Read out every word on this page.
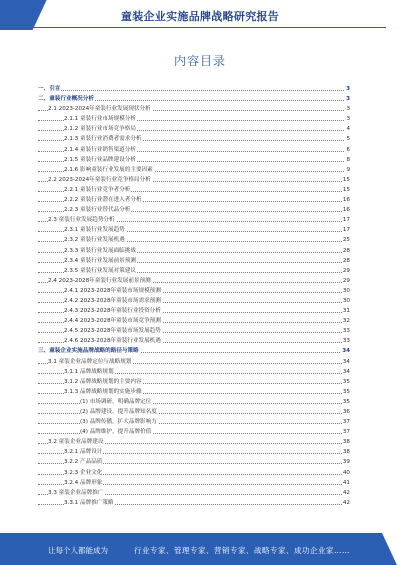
童装企业实施品牌战略研究报告
内容目录
一、引言	3
二、童装行业概况分析	3
2.1 2023-2024年童装行业发展现状分析	3
2.1.1 童装行业市场规模分析	3
2.1.2 童装行业市场竞争格局	4
2.1.3 童装行业消费者需求分析	5
2.1.4 童装行业销售渠道分析	6
2.1.5 童装行业品牌建设分析	8
2.1.6 影响童装行业发展的主要因素	9
2.2 2023-2024年童装行业竞争格局分析	15
2.2.1 童装行业竞争者分析	15
2.2.2 童装行业潜在进入者分析	16
2.2.3 童装行业替代品分析	16
2.3 童装行业发展趋势分析	17
2.3.1 童装行业发展趋势	17
2.3.2 童装行业发展机遇	25
2.3.3 童装行业发展面临挑战	28
2.3.4 童装行业发展前景预测	28
2.3.5 童装行业发展对策建议	29
2.4 2023-2028年童装行业发展前景预测	29
2.4.1 2023-2028年童装市场规模预测	30
2.4.2 2023-2028年童装市场需求预测	30
2.4.3 2023-2028年童装行业投资分析	31
2.4.4 2023-2028年童装市场竞争预测	32
2.4.5 2023-2028年童装市场发展趋势	33
2.4.6 2023-2028年童装行业发展机遇	33
三、童装企业实施品牌战略的路径与策略	34
3.1 童装企业品牌定位与战略规划	34
3.1.1 品牌战略规划	34
3.1.2 品牌战略规划的主要内容	35
3.1.3 品牌战略规划的实施步骤	35
(1) 市场调研，明确品牌定位	35
(2) 品牌建设，提升品牌知名度	36
(3) 品牌传播，扩大品牌影响力	37
(4) 品牌维护，提升品牌价值	37
3.2 童装企业品牌建设	38
3.2.1 品牌设计	38
3.2.2 产品品质	39
3.2.3 企业文化	40
3.2.4 品牌形象	41
3.3 童装企业品牌推广	42
3.3.1 品牌推广策略	42
让每个人都能成为	行业专家、管理专家、营销专家、战略专家、成功企业家……
